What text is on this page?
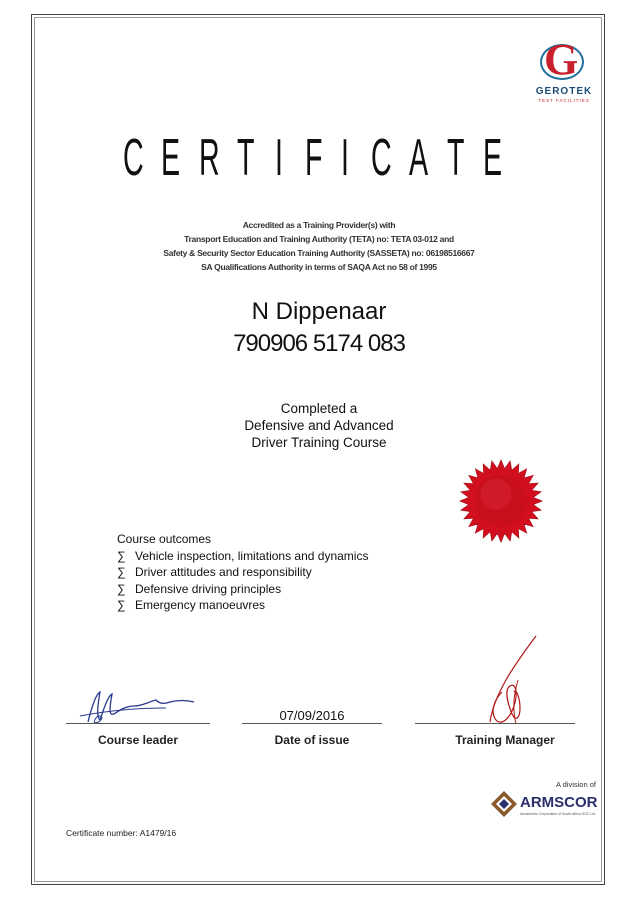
G
GEROTEK
TEST FACILITIES
C E R T I F I C A T E
Accredited as a Training Provider(s) with
Transport Education and Training Authority (TETA) no: TETA 03-012 and
Safety & Security Sector Education Training Authority (SASSETA) no: 06198516667
SA Qualifications Authority in terms of SAQA Act no 58 of 1995
N Dippenaar
790906 5174 083
Completed a
Defensive and Advanced
Driver Training Course
Course outcomes
∑ Vehicle inspection, limitations and dynamics
∑ Driver attitudes and responsibility
∑ Defensive driving principles
∑ Emergency manoeuvres
07/09/2016
Course leader	Date of issue	Training Manager
A division of
ARMSCOR
Armaments Corporation of South Africa SOC Ltd
Certificate number: A1479/16
